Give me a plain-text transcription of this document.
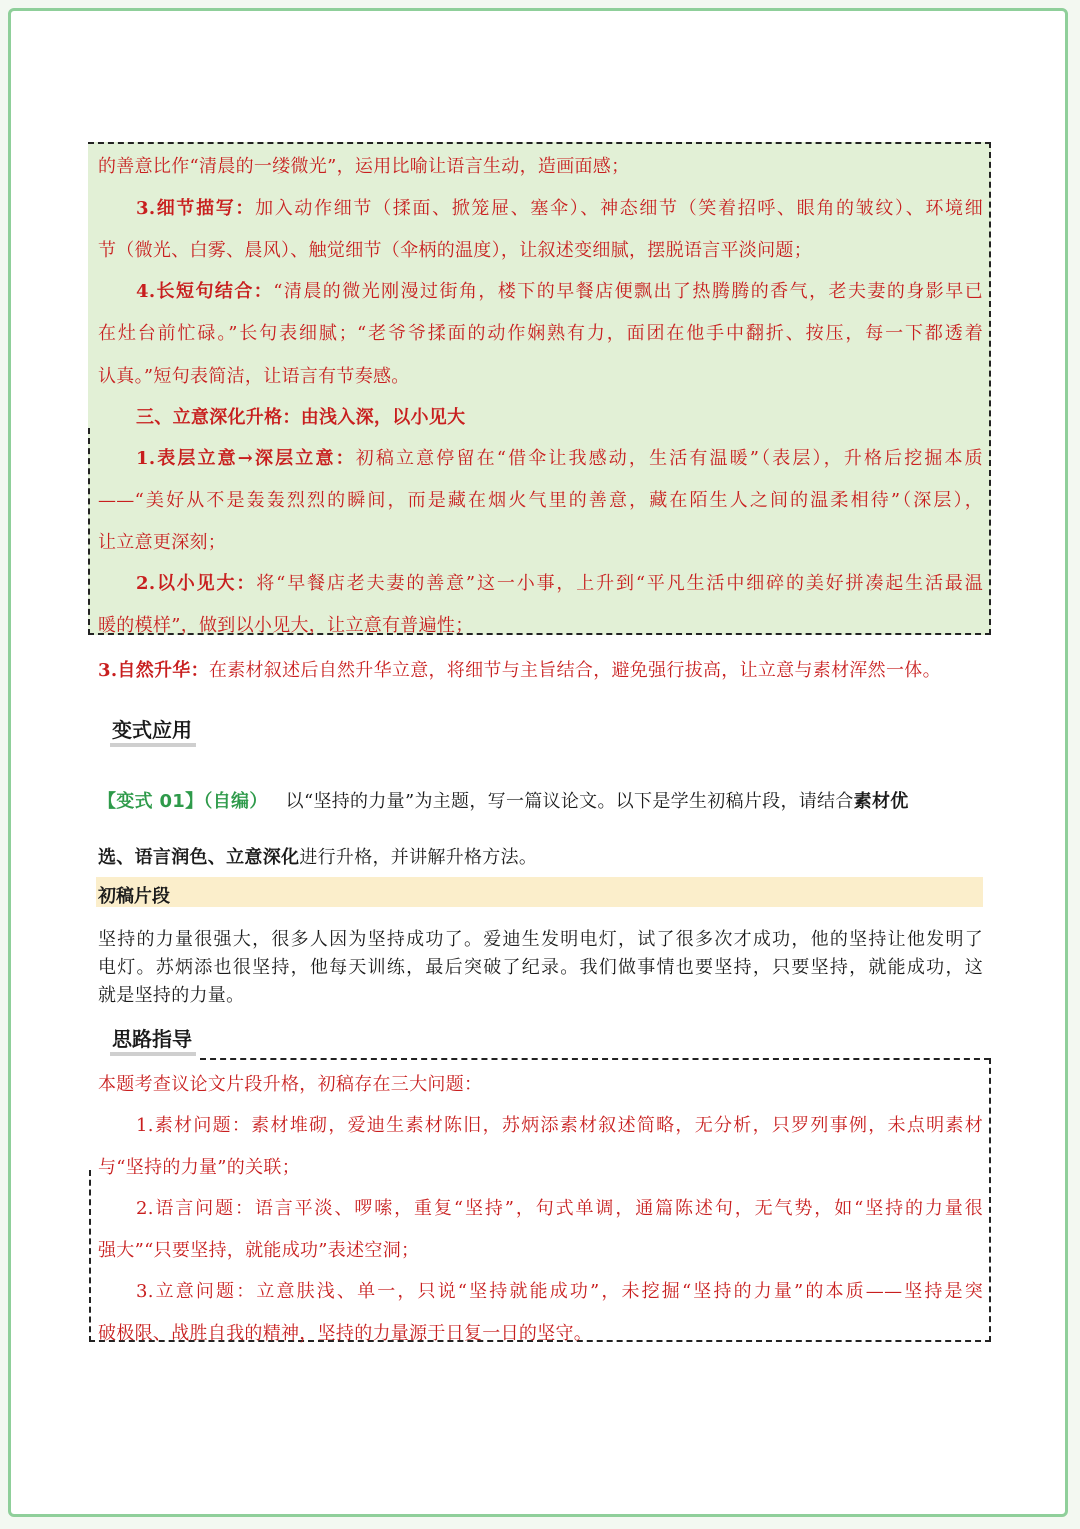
的善意比作“清晨的一缕微光”，运用比喻让语言生动，造画面感；
3.细节描写：加入动作细节（揉面、掀笼屉、塞伞）、神态细节（笑着招呼、眼角的皱纹）、环境细
节（微光、白雾、晨风）、触觉细节（伞柄的温度），让叙述变细腻，摆脱语言平淡问题；
4.长短句结合：“清晨的微光刚漫过街角，楼下的早餐店便飘出了热腾腾的香气，老夫妻的身影早已
在灶台前忙碌。”长句表细腻；“老爷爷揉面的动作娴熟有力，面团在他手中翻折、按压，每一下都透着
认真。”短句表简洁，让语言有节奏感。
三、立意深化升格：由浅入深，以小见大
1.表层立意→深层立意：初稿立意停留在“借伞让我感动，生活有温暖”（表层），升格后挖掘本质
——“美好从不是轰轰烈烈的瞬间，而是藏在烟火气里的善意，藏在陌生人之间的温柔相待”（深层），
让立意更深刻；
2.以小见大：将“早餐店老夫妻的善意”这一小事，上升到“平凡生活中细碎的美好拼凑起生活最温
暖的模样”，做到以小见大，让立意有普遍性；
3.自然升华：在素材叙述后自然升华立意，将细节与主旨结合，避免强行拔高，让立意与素材浑然一体。
变式应用
【变式 01】（自编） 以“坚持的力量”为主题，写一篇议论文。以下是学生初稿片段，请结合素材优
选、语言润色、立意深化进行升格，并讲解升格方法。
初稿片段
坚持的力量很强大，很多人因为坚持成功了。爱迪生发明电灯，试了很多次才成功，他的坚持让他发明了
电灯。苏炳添也很坚持，他每天训练，最后突破了纪录。我们做事情也要坚持，只要坚持，就能成功，这
就是坚持的力量。
思路指导
本题考查议论文片段升格，初稿存在三大问题：
1.素材问题：素材堆砌，爱迪生素材陈旧，苏炳添素材叙述简略，无分析，只罗列事例，未点明素材
与“坚持的力量”的关联；
2.语言问题：语言平淡、啰嗦，重复“坚持”，句式单调，通篇陈述句，无气势，如“坚持的力量很
强大”“只要坚持，就能成功”表述空洞；
3.立意问题：立意肤浅、单一，只说“坚持就能成功”，未挖掘“坚持的力量”的本质——坚持是突
破极限、战胜自我的精神，坚持的力量源于日复一日的坚守。
